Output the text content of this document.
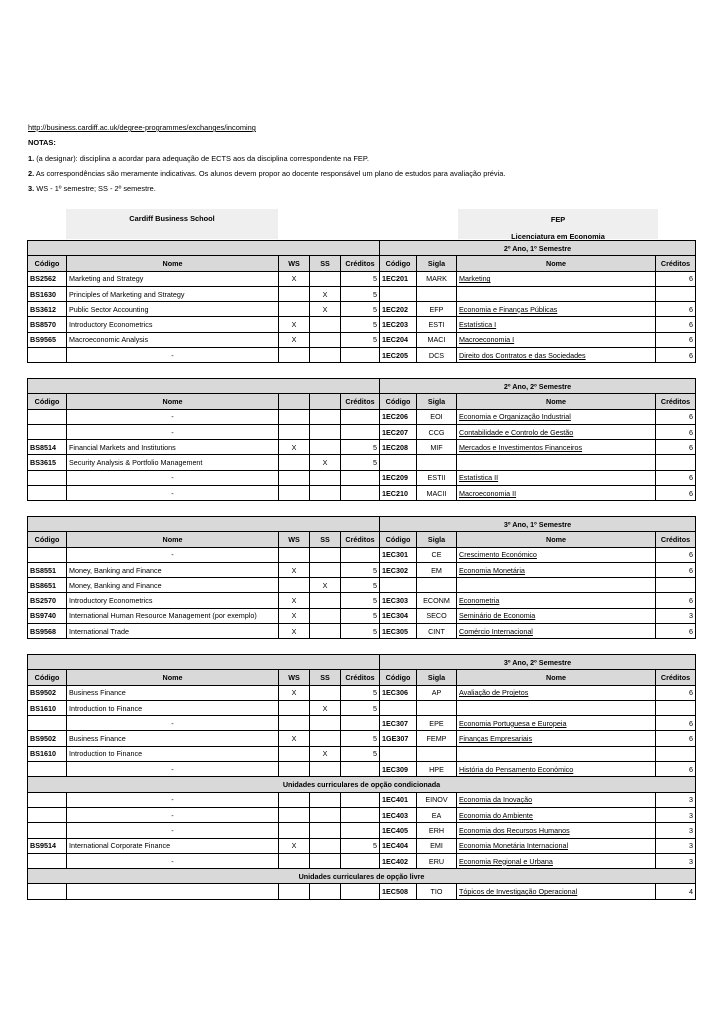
http://business.cardiff.ac.uk/degree-programmes/exchanges/incoming
NOTAS:
1. (a designar): disciplina a acordar para adequação de ECTS aos da disciplina correspondente na FEP.
2. As correspondências são meramente indicativas. Os alunos devem propor ao docente responsável um plano de estudos para avaliação prévia.
3. WS - 1º semestre; SS - 2º semestre.
Cardiff Business School	FEP
Licenciatura em Economia
					2º Ano, 1º Semestre			
Código	Nome	WS	SS	Créditos	Código	Sigla	Nome	Créditos
BS2562	Marketing and Strategy	X		5	1EC201	MARK	Marketing	6
BS1630	Principles of Marketing and Strategy		X	5				
BS3612	Public Sector Accounting		X	5	1EC202	EFP	Economia e Finanças Públicas	6
BS8570	Introductory Econometrics	X		5	1EC203	ESTI	Estatística I	6
BS9565	Macroeconomic Analysis	X		5	1EC204	MACI	Macroeconomia I	6
	-				1EC205	DCS	Direito dos Contratos e das Sociedades	6
					2º Ano, 2º Semestre			
Código	Nome			Créditos	Código	Sigla	Nome	Créditos
	-				1EC206	EOI	Economia e Organização Industrial	6
	-				1EC207	CCG	Contabilidade e Controlo de Gestão	6
BS8514	Financial Markets and Institutions	X		5	1EC208	MIF	Mercados e Investimentos Financeiros	6
BS3615	Security Analysis & Portfolio Management		X	5				
	-				1EC209	ESTII	Estatística II	6
	-				1EC210	MACII	Macroeconomia II	6
					3º Ano, 1º Semestre			
Código	Nome	WS	SS	Créditos	Código	Sigla	Nome	Créditos
	-				1EC301	CE	Crescimento Económico	6
BS8551	Money, Banking and Finance	X		5	1EC302	EM	Economia Monetária	6
BS8651	Money, Banking and Finance		X	5				
BS2570	Introductory Econometrics	X		5	1EC303	ECONM	Econometria	6
BS9740	International Human Resource Management (por exemplo)	X		5	1EC304	SECO	Seminário de Economia	3
BS9568	International Trade	X		5	1EC305	CINT	Comércio Internacional	6
					3º Ano, 2º Semestre			
Código	Nome	WS	SS	Créditos	Código	Sigla	Nome	Créditos
BS9502	Business Finance	X		5	1EC306	AP	Avaliação de Projetos	6
BS1610	Introduction to Finance		X	5				
	-				1EC307	EPE	Economia Portuguesa e Europeia	6
BS9502	Business Finance	X		5	1GE307	FEMP	Finanças Empresariais	6
BS1610	Introduction to Finance		X	5				
	-				1EC309	HPE	História do Pensamento Económico	6
Unidades curriculares de opção condicionada								
	-				1EC401	EINOV	Economia da Inovação	3
	-				1EC403	EA	Economia do Ambiente	3
	-				1EC405	ERH	Economia dos Recursos Humanos	3
BS9514	International Corporate Finance	X		5	1EC404	EMI	Economia Monetária Internacional	3
	-				1EC402	ERU	Economia Regional e Urbana	3
Unidades curriculares de opção livre								
					1EC508	TIO	Tópicos de Investigação Operacional	4
